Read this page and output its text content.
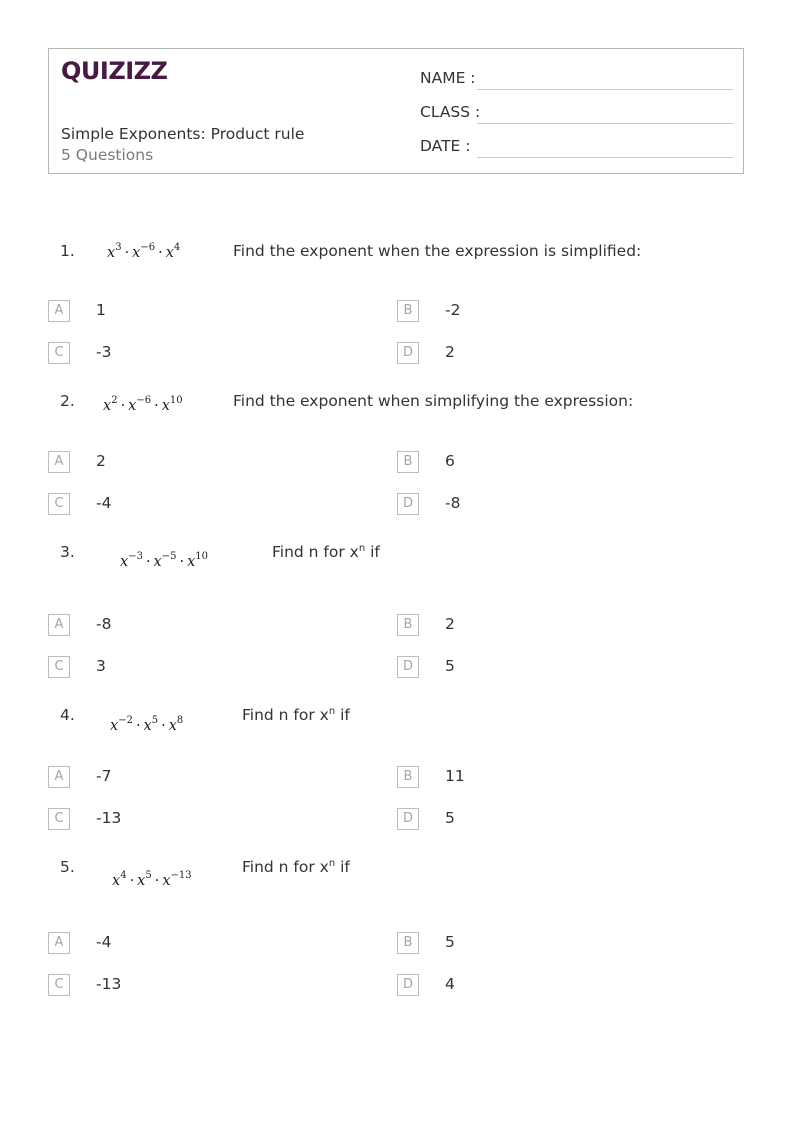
QUIZIZZ
Simple Exponents: Product rule
5 Questions
NAME :
CLASS :
DATE :
1. $x^3 \cdot x^{-6} \cdot x^4$	Find the exponent when the expression is simplified:
A	1	B	-2
C	-3	D	2
2. $x^2 \cdot x^{-6} \cdot x^{10}$	Find the exponent when simplifying the expression:
A	2	B	6
C	-4	D	-8
3.
$x^{-3} \cdot x^{-5} \cdot x^{10}$	Find n for $x^n$ if
A	-8	B	2
C	3	D	5
4.
$x^{-2} \cdot x^5 \cdot x^8$	Find n for $x^n$ if
A	-7	B	11
C	-13	D	5
5.
$x^4 \cdot x^5 \cdot x^{-13}$	Find n for $x^n$ if
A	-4	B	5
C	-13	D	4
